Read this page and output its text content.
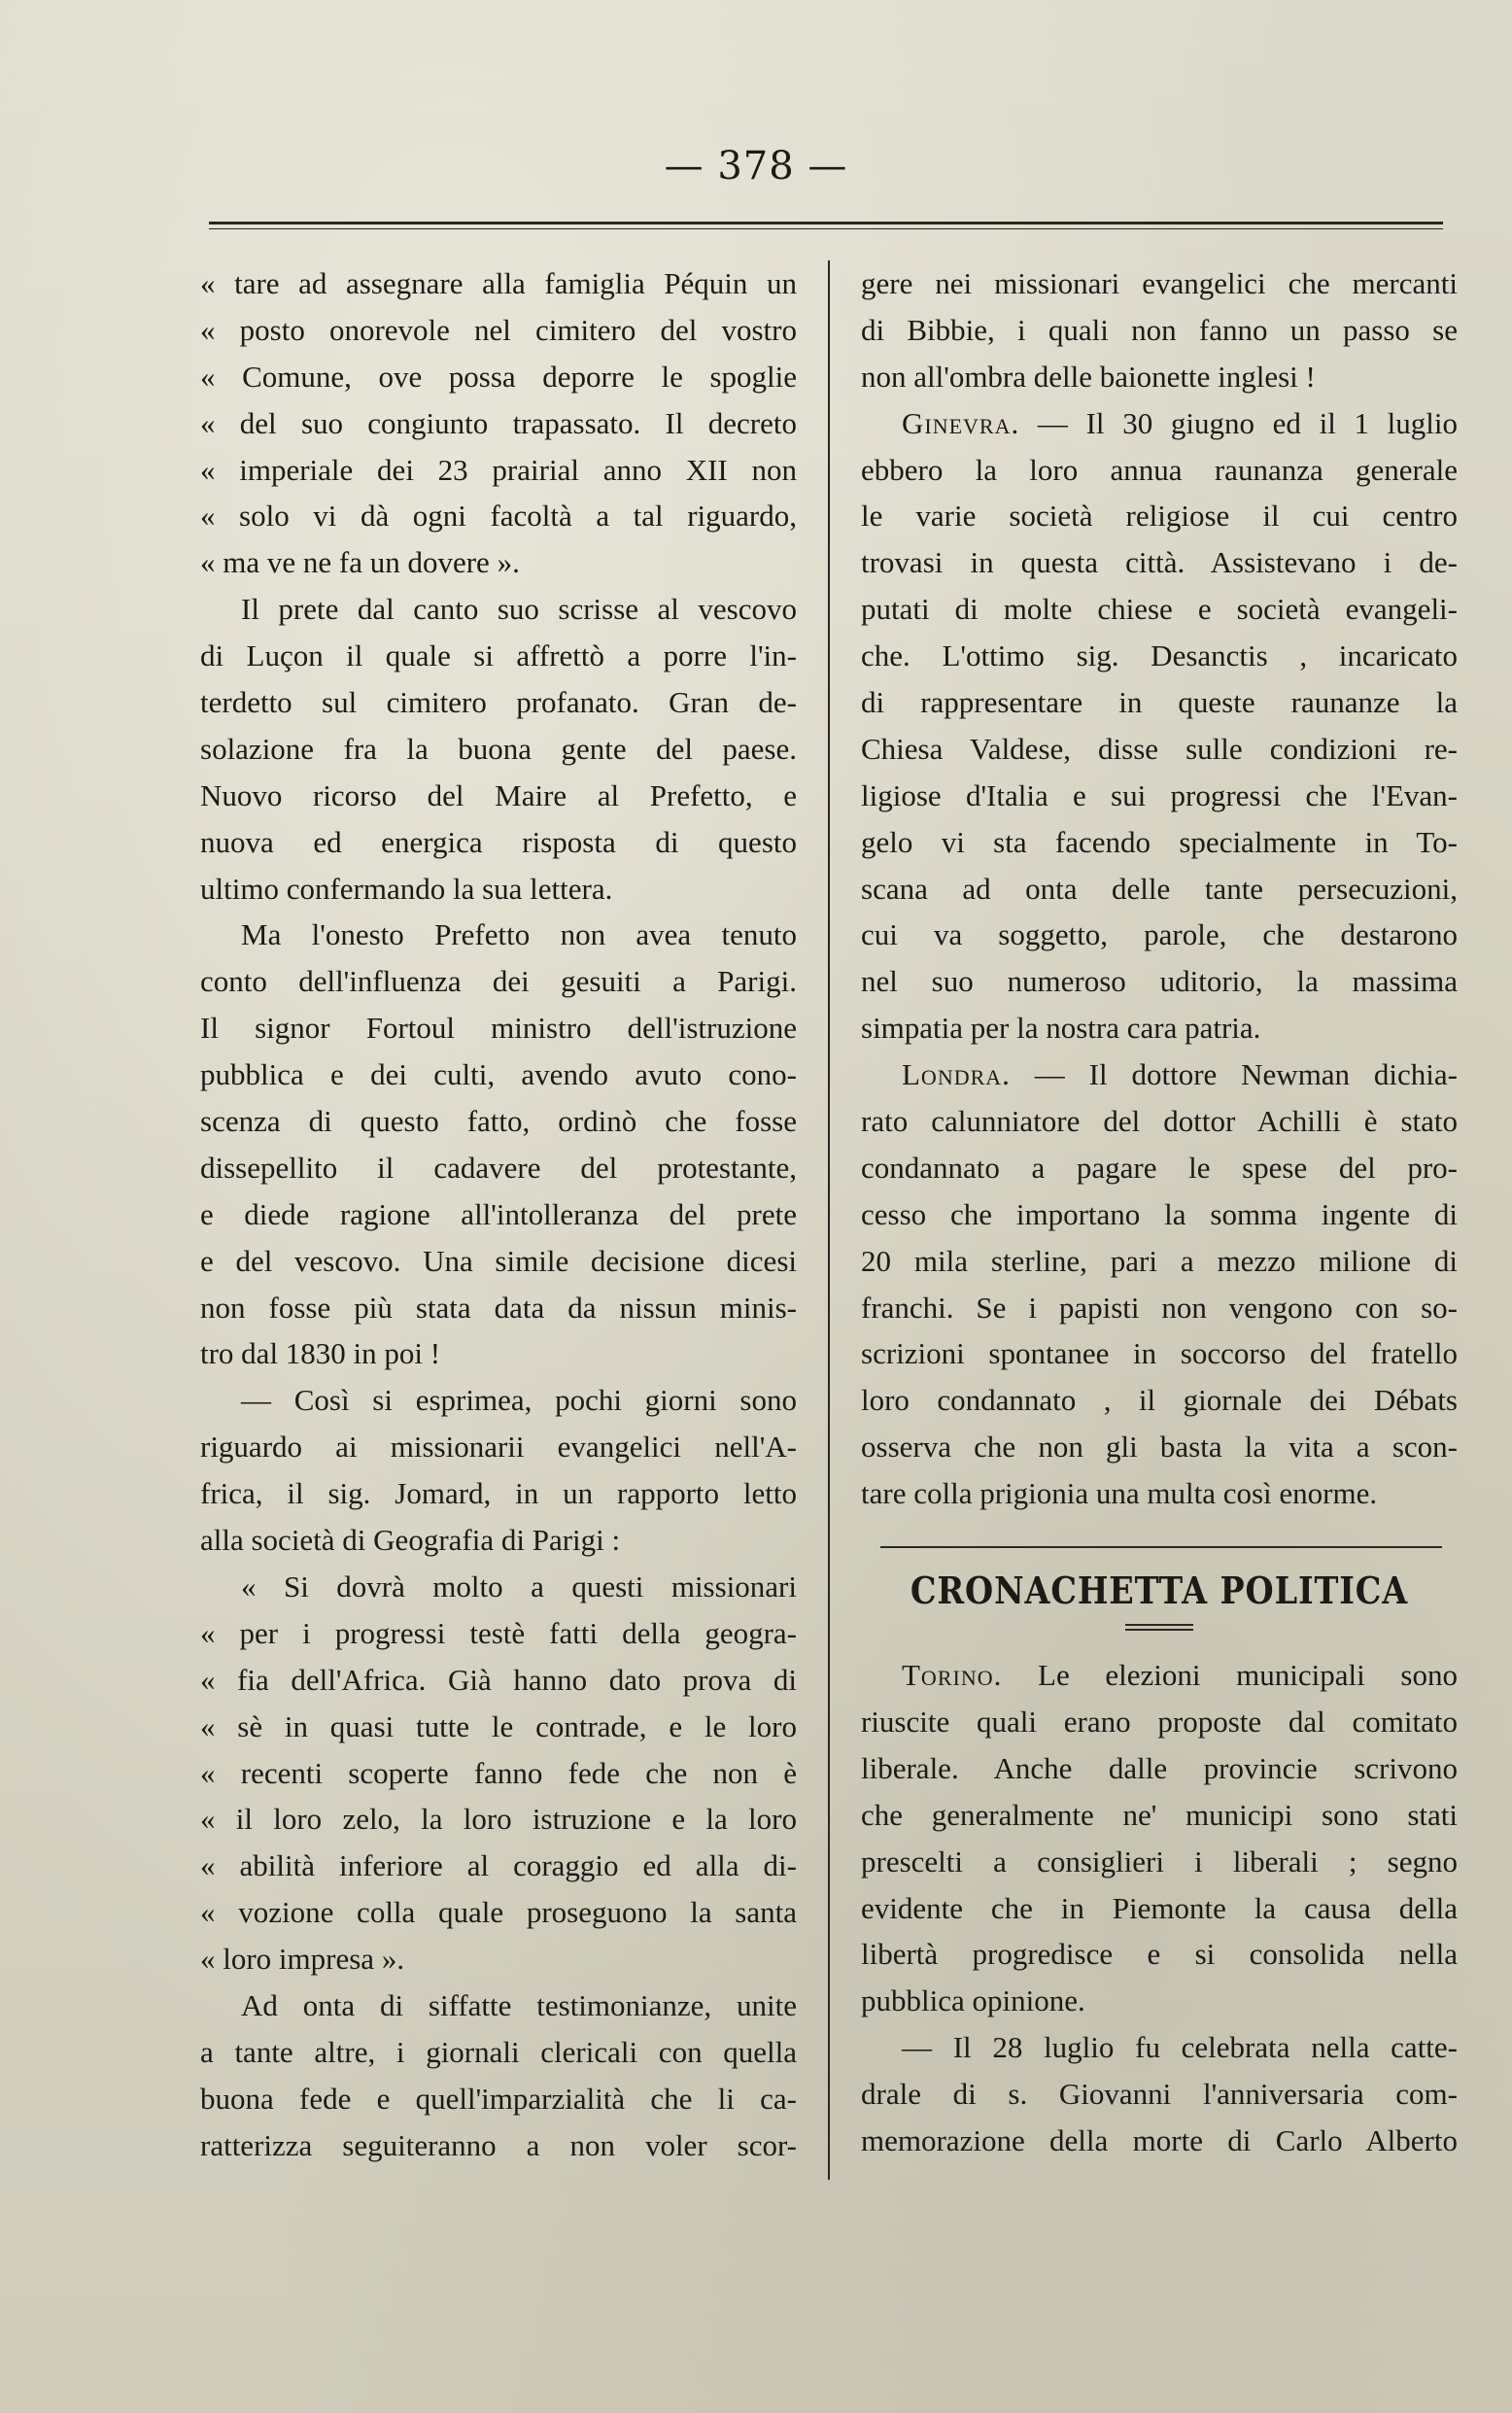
— 378 —
« tare ad assegnare alla famiglia Péquin un
« posto onorevole nel cimitero del vostro
« Comune, ove possa deporre le spoglie
« del suo congiunto trapassato. Il decreto
« imperiale dei 23 prairial anno XII non
« solo vi dà ogni facoltà a tal riguardo,
« ma ve ne fa un dovere ».
Il prete dal canto suo scrisse al vescovo
di Luçon il quale si affrettò a porre l'in-
terdetto sul cimitero profanato. Gran de-
solazione fra la buona gente del paese.
Nuovo ricorso del Maire al Prefetto, e
nuova ed energica risposta di questo
ultimo confermando la sua lettera.
Ma l'onesto Prefetto non avea tenuto
conto dell'influenza dei gesuiti a Parigi.
Il signor Fortoul ministro dell'istruzione
pubblica e dei culti, avendo avuto cono-
scenza di questo fatto, ordinò che fosse
dissepellito il cadavere del protestante,
e diede ragione all'intolleranza del prete
e del vescovo. Una simile decisione dicesi
non fosse più stata data da nissun minis-
tro dal 1830 in poi !
— Così si esprimea, pochi giorni sono
riguardo ai missionarii evangelici nell'A-
frica, il sig. Jomard, in un rapporto letto
alla società di Geografia di Parigi :
« Si dovrà molto a questi missionari
« per i progressi testè fatti della geogra-
« fia dell'Africa. Già hanno dato prova di
« sè in quasi tutte le contrade, e le loro
« recenti scoperte fanno fede che non è
« il loro zelo, la loro istruzione e la loro
« abilità inferiore al coraggio ed alla di-
« vozione colla quale proseguono la santa
« loro impresa ».
Ad onta di siffatte testimonianze, unite
a tante altre, i giornali clericali con quella
buona fede e quell'imparzialità che li ca-
ratterizza seguiteranno a non voler scor-
gere nei missionari evangelici che mercanti
di Bibbie, i quali non fanno un passo se
non all'ombra delle baionette inglesi !
Ginevra. — Il 30 giugno ed il 1 luglio
ebbero la loro annua raunanza generale
le varie società religiose il cui centro
trovasi in questa città. Assistevano i de-
putati di molte chiese e società evangeli-
che. L'ottimo sig. Desanctis , incaricato
di rappresentare in queste raunanze la
Chiesa Valdese, disse sulle condizioni re-
ligiose d'Italia e sui progressi che l'Evan-
gelo vi sta facendo specialmente in To-
scana ad onta delle tante persecuzioni,
cui va soggetto, parole, che destarono
nel suo numeroso uditorio, la massima
simpatia per la nostra cara patria.
Londra. — Il dottore Newman dichia-
rato calunniatore del dottor Achilli è stato
condannato a pagare le spese del pro-
cesso che importano la somma ingente di
20 mila sterline, pari a mezzo milione di
franchi. Se i papisti non vengono con so-
scrizioni spontanee in soccorso del fratello
loro condannato , il giornale dei Débats
osserva che non gli basta la vita a scon-
tare colla prigionia una multa così enorme.
CRONACHETTA POLITICA
Torino. Le elezioni municipali sono
riuscite quali erano proposte dal comitato
liberale. Anche dalle provincie scrivono
che generalmente ne' municipi sono stati
prescelti a consiglieri i liberali ; segno
evidente che in Piemonte la causa della
libertà progredisce e si consolida nella
pubblica opinione.
— Il 28 luglio fu celebrata nella catte-
drale di s. Giovanni l'anniversaria com-
memorazione della morte di Carlo Alberto
